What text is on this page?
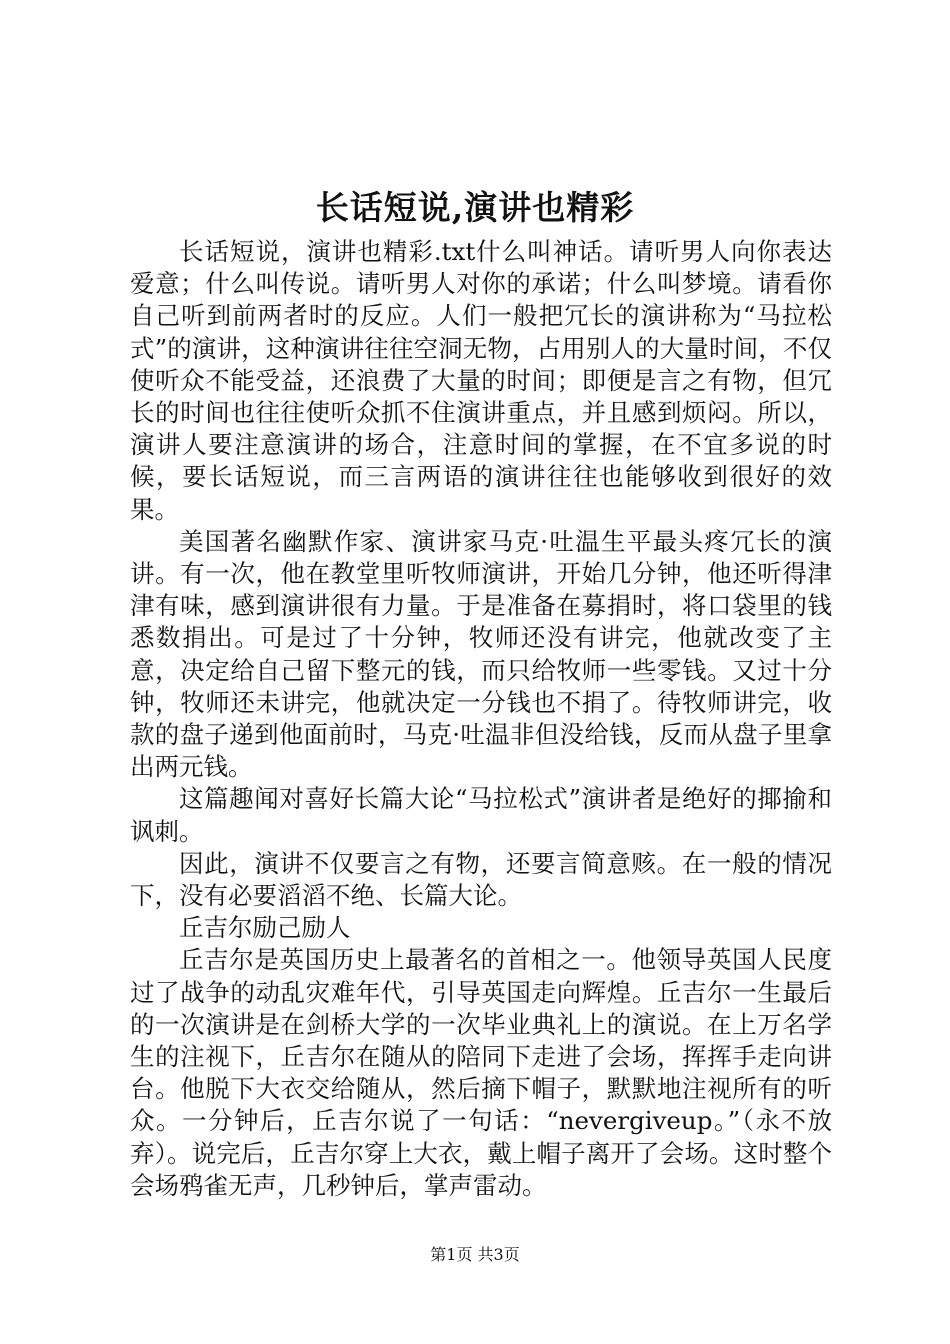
长话短说,演讲也精彩

长话短说，演讲也精彩.txt什么叫神话。请听男人向你表达爱意；什么叫传说。请听男人对你的承诺；什么叫梦境。请看你自己听到前两者时的反应。人们一般把冗长的演讲称为“马拉松式”的演讲，这种演讲往往空洞无物，占用别人的大量时间，不仅使听众不能受益，还浪费了大量的时间；即便是言之有物，但冗长的时间也往往使听众抓不住演讲重点，并且感到烦闷。所以，演讲人要注意演讲的场合，注意时间的掌握，在不宜多说的时候，要长话短说，而三言两语的演讲往往也能够收到很好的效果。

美国著名幽默作家、演讲家马克·吐温生平最头疼冗长的演讲。有一次，他在教堂里听牧师演讲，开始几分钟，他还听得津津有味，感到演讲很有力量。于是准备在募捐时，将口袋里的钱悉数捐出。可是过了十分钟，牧师还没有讲完，他就改变了主意，决定给自己留下整元的钱，而只给牧师一些零钱。又过十分钟，牧师还未讲完，他就决定一分钱也不捐了。待牧师讲完，收款的盘子递到他面前时，马克·吐温非但没给钱，反而从盘子里拿出两元钱。

这篇趣闻对喜好长篇大论“马拉松式”演讲者是绝好的揶揄和讽刺。

因此，演讲不仅要言之有物，还要言简意赅。在一般的情况下，没有必要滔滔不绝、长篇大论。

丘吉尔励己励人

丘吉尔是英国历史上最著名的首相之一。他领导英国人民度过了战争的动乱灾难年代，引导英国走向辉煌。丘吉尔一生最后的一次演讲是在剑桥大学的一次毕业典礼上的演说。在上万名学生的注视下，丘吉尔在随从的陪同下走进了会场，挥挥手走向讲台。他脱下大衣交给随从，然后摘下帽子，默默地注视所有的听众。一分钟后，丘吉尔说了一句话：“nevergiveup。”（永不放弃）。说完后，丘吉尔穿上大衣，戴上帽子离开了会场。这时整个会场鸦雀无声，几秒钟后，掌声雷动。

第1页 共3页
